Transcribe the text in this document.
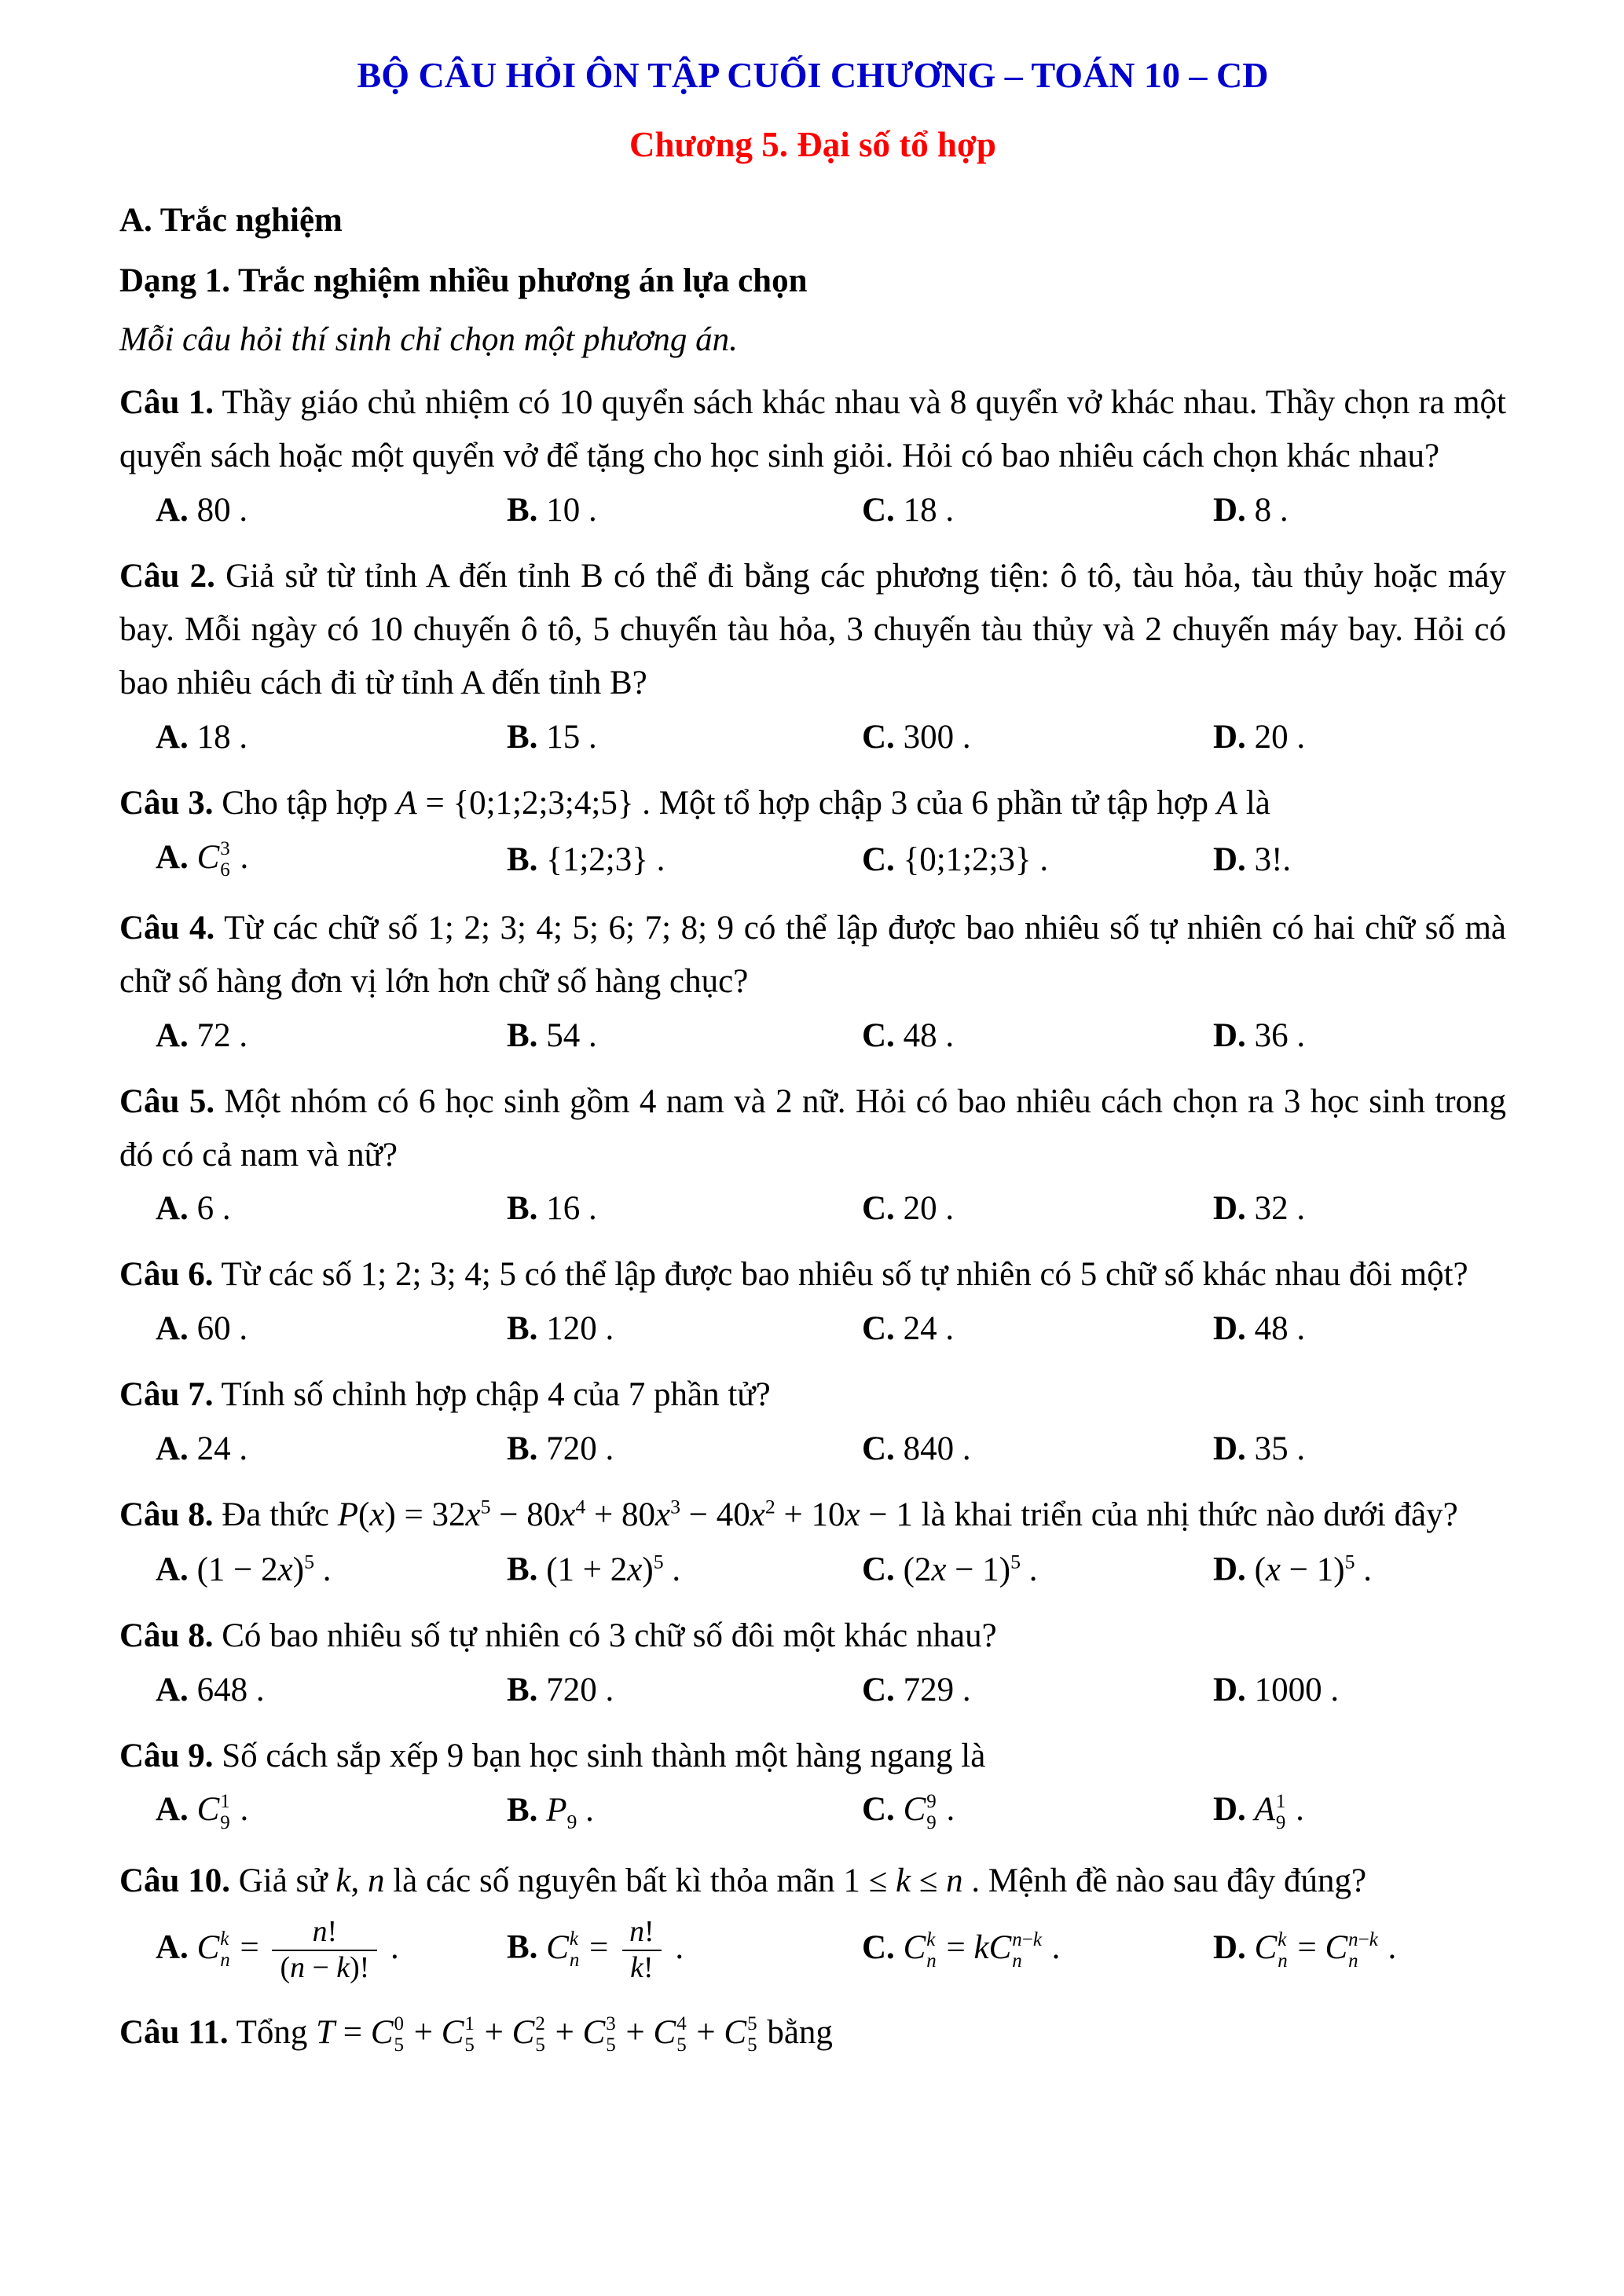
BỘ CÂU HỎI ÔN TẬP CUỐI CHƯƠNG – TOÁN 10 – CD
Chương 5. Đại số tổ hợp
A. Trắc nghiệm
Dạng 1. Trắc nghiệm nhiều phương án lựa chọn
Mỗi câu hỏi thí sinh chỉ chọn một phương án.
Câu 1. Thầy giáo chủ nhiệm có 10 quyển sách khác nhau và 8 quyển vở khác nhau. Thầy chọn ra một quyển sách hoặc một quyển vở để tặng cho học sinh giỏi. Hỏi có bao nhiêu cách chọn khác nhau?
A. 80 .	B. 10 .	C. 18 .	D. 8 .
Câu 2. Giả sử từ tỉnh A đến tỉnh B có thể đi bằng các phương tiện: ô tô, tàu hỏa, tàu thủy hoặc máy bay. Mỗi ngày có 10 chuyến ô tô, 5 chuyến tàu hỏa, 3 chuyến tàu thủy và 2 chuyến máy bay. Hỏi có bao nhiêu cách đi từ tỉnh A đến tỉnh B?
A. 18 .	B. 15 .	C. 300 .	D. 20 .
Câu 3. Cho tập hợp A = {0;1;2;3;4;5} . Một tổ hợp chập 3 của 6 phần tử tập hợp A là
A. C 3
6 .	B. {1;2;3} .	C. {0;1;2;3} .	D. 3!.
Câu 4. Từ các chữ số 1; 2; 3; 4; 5; 6; 7; 8; 9 có thể lập được bao nhiêu số tự nhiên có hai chữ số mà chữ số hàng đơn vị lớn hơn chữ số hàng chục?
A. 72 .	B. 54 .	C. 48 .	D. 36 .
Câu 5. Một nhóm có 6 học sinh gồm 4 nam và 2 nữ. Hỏi có bao nhiêu cách chọn ra 3 học sinh trong đó có cả nam và nữ?
A. 6 .	B. 16 .	C. 20 .	D. 32 .
Câu 6. Từ các số 1; 2; 3; 4; 5 có thể lập được bao nhiêu số tự nhiên có 5 chữ số khác nhau đôi một?
A. 60 .	B. 120 .	C. 24 .	D. 48 .
Câu 7. Tính số chỉnh hợp chập 4 của 7 phần tử?
A. 24 .	B. 720 .	C. 840 .	D. 35 .
Câu 8. Đa thức $P(x) = 32x^5 - 80x^4 + 80x^3 - 40x^2 + 10x - 1$ là khai triển của nhị thức nào dưới đây?
A. $(1 - 2x)^5$ .	B. $(1 + 2x)^5$ .	C. $(2x - 1)^5$ .	D. $(x - 1)^5$ .
Câu 8. Có bao nhiêu số tự nhiên có 3 chữ số đôi một khác nhau?
A. 648 .	B. 720 .	C. 729 .	D. 1000 .
Câu 9. Số cách sắp xếp 9 bạn học sinh thành một hàng ngang là
A. C 1
9 .	B. $P_9$ .	C. C 9
9 .	D. A 1
9 .
Câu 10. Giả sử k, n là các số nguyên bất kì thỏa mãn 1 ≤ k ≤ n . Mệnh đề nào sau đây đúng?
A. C k
$n = \frac{n!}{(n - k)!}$ .	B. C k
$n = \frac{n!}{k!}$ .	C. C k
n = kC n−k
n .	D. C k
n = C n−k
n .
Câu 11. Tổng T = C 0
5 + C 1
5 + C 2
5 + C 3
5 + C 4
5 + C 5
5 bằng
